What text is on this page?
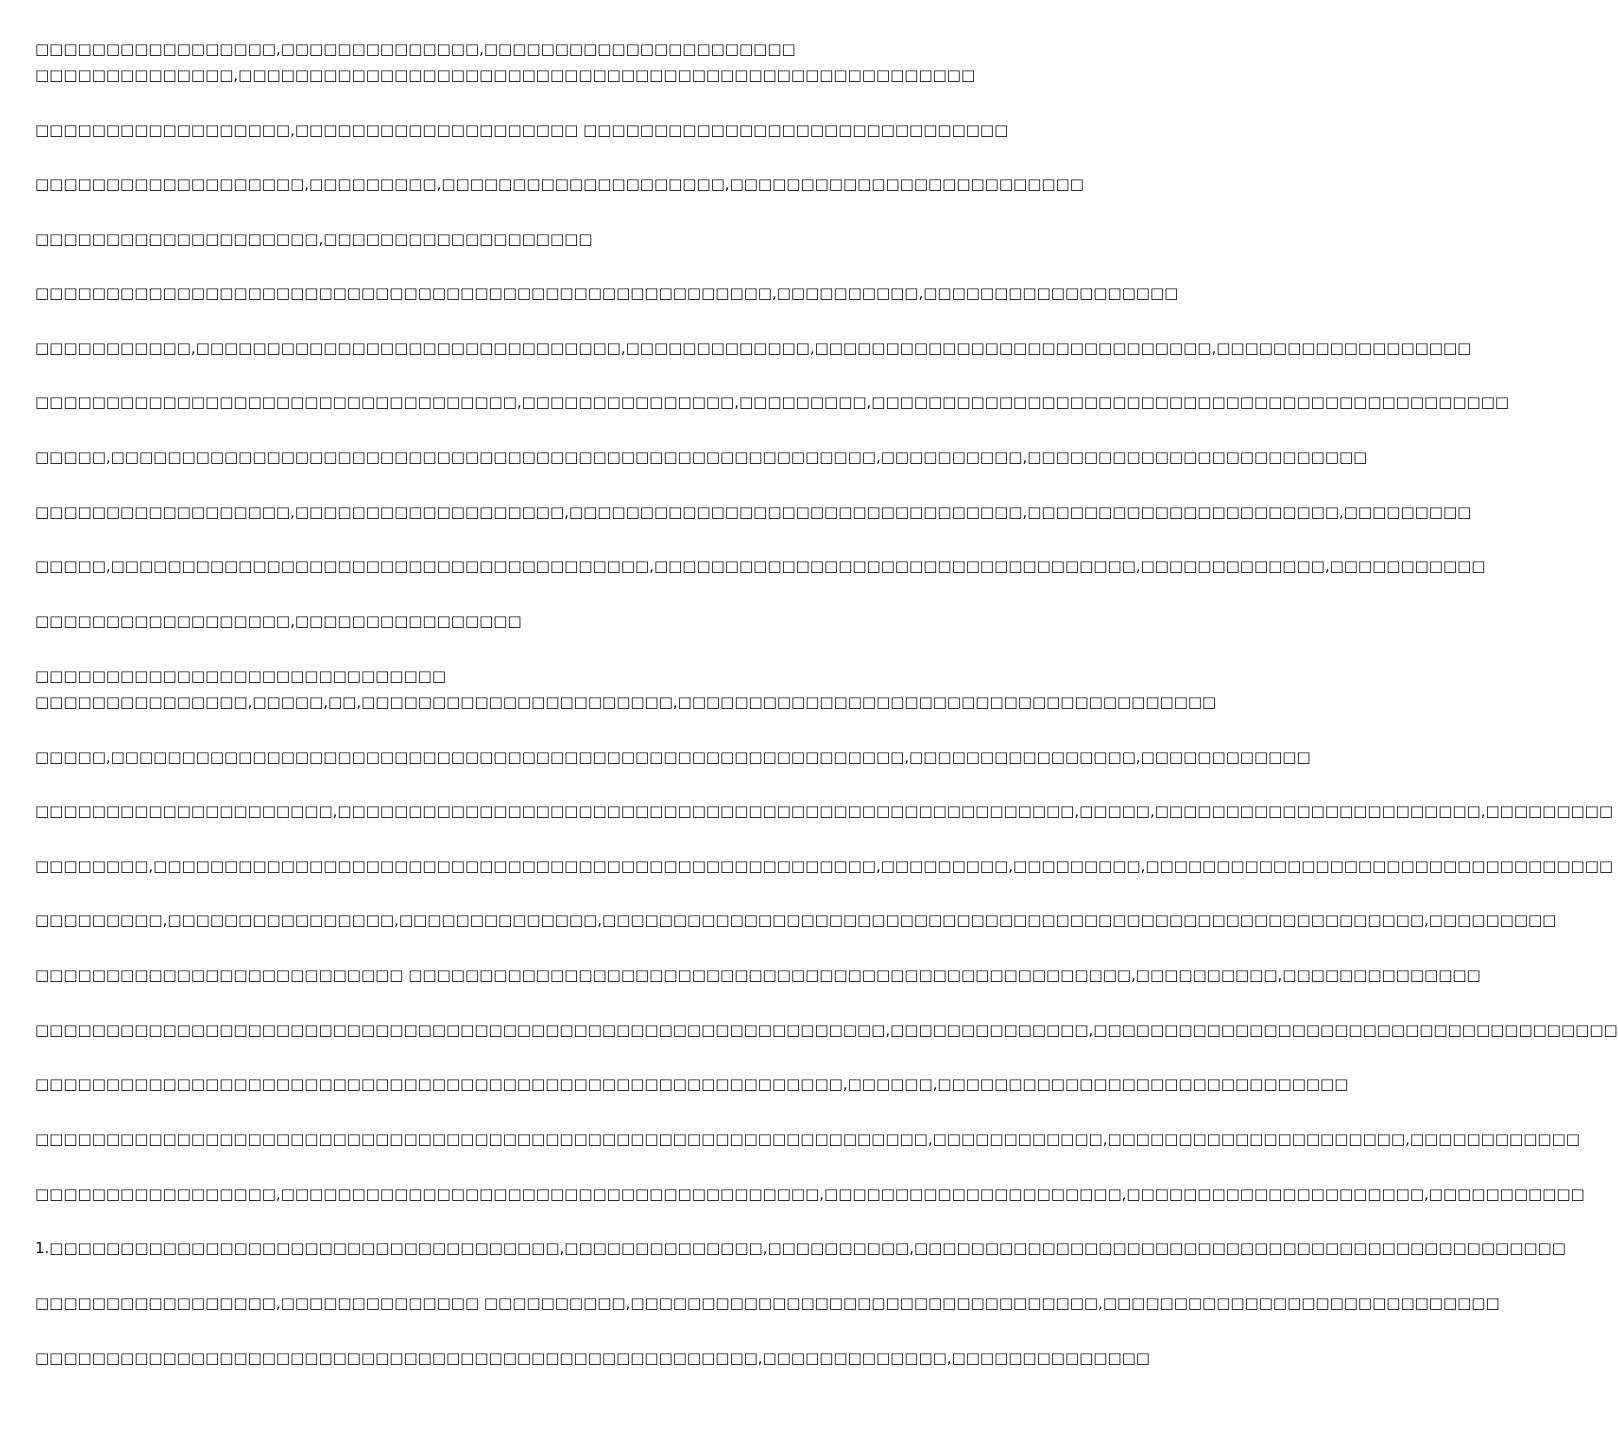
□□□□□□□□□□□□□□□□□,□□□□□□□□□□□□□□,□□□□□□□□□□□□□□□□□□□□□□
□□□□□□□□□□□□□□,□□□□□□□□□□□□□□□□□□□□□□□□□□□□□□□□□□□□□□□□□□□□□□□□□□□□
□□□□□□□□□□□□□□□□□□,□□□□□□□□□□□□□□□□□□□□ □□□□□□□□□□□□□□□□□□□□□□□□□□□□□□
□□□□□□□□□□□□□□□□□□□,□□□□□□□□□,□□□□□□□□□□□□□□□□□□□□,□□□□□□□□□□□□□□□□□□□□□□□□□
□□□□□□□□□□□□□□□□□□□□,□□□□□□□□□□□□□□□□□□□
□□□□□□□□□□□□□□□□□□□□□□□□□□□□□□□□□□□□□□□□□□□□□□□□□□□□,□□□□□□□□□□,□□□□□□□□□□□□□□□□□□
□□□□□□□□□□□,□□□□□□□□□□□□□□□□□□□□□□□□□□□□□□,□□□□□□□□□□□□□,□□□□□□□□□□□□□□□□□□□□□□□□□□□□,□□□□□□□□□□□□□□□□□□
□□□□□□□□□□□□□□□□□□□□□□□□□□□□□□□□□□,□□□□□□□□□□□□□□□,□□□□□□□□□,□□□□□□□□□□□□□□□□□□□□□□□□□□□□□□□□□□□□□□□□□□□□□
□□□□□,□□□□□□□□□□□□□□□□□□□□□□□□□□□□□□□□□□□□□□□□□□□□□□□□□□□□□□,□□□□□□□□□□,□□□□□□□□□□□□□□□□□□□□□□□□
□□□□□□□□□□□□□□□□□□,□□□□□□□□□□□□□□□□□□□,□□□□□□□□□□□□□□□□□□□□□□□□□□□□□□□□,□□□□□□□□□□□□□□□□□□□□□□,□□□□□□□□□
□□□□□,□□□□□□□□□□□□□□□□□□□□□□□□□□□□□□□□□□□□□□,□□□□□□□□□□□□□□□□□□□□□□□□□□□□□□□□□□,□□□□□□□□□□□□□,□□□□□□□□□□□
□□□□□□□□□□□□□□□□□□,□□□□□□□□□□□□□□□□
□□□□□□□□□□□□□□□□□□□□□□□□□□□□□
□□□□□□□□□□□□□□□,□□□□□,□□,□□□□□□□□□□□□□□□□□□□□□□,□□□□□□□□□□□□□□□□□□□□□□□□□□□□□□□□□□□□□□
□□□□□,□□□□□□□□□□□□□□□□□□□□□□□□□□□□□□□□□□□□□□□□□□□□□□□□□□□□□□□□,□□□□□□□□□□□□□□□□,□□□□□□□□□□□□
□□□□□□□□□□□□□□□□□□□□□,□□□□□□□□□□□□□□□□□□□□□□□□□□□□□□□□□□□□□□□□□□□□□□□□□□□□,□□□□□,□□□□□□□□□□□□□□□□□□□□□□□,□□□□□□□□□
□□□□□□□□,□□□□□□□□□□□□□□□□□□□□□□□□□□□□□□□□□□□□□□□□□□□□□□□□□□□,□□□□□□□□□,□□□□□□□□□,□□□□□□□□□□□□□□□□□□□□□□□□□□□□□□□□□
□□□□□□□□□,□□□□□□□□□□□□□□□□,□□□□□□□□□□□□□□,□□□□□□□□□□□□□□□□□□□□□□□□□□□□□□□□□□□□□□□□□□□□□□□□□□□□□□□□□□,□□□□□□□□□
□□□□□□□□□□□□□□□□□□□□□□□□□□ □□□□□□□□□□□□□□□□□□□□□□□□□□□□□□□□□□□□□□□□□□□□□□□□□□□,□□□□□□□□□□,□□□□□□□□□□□□□□
□□□□□□□□□□□□□□□□□□□□□□□□□□□□□□□□□□□□□□□□□□□□□□□□□□□□□□□□□□□□,□□□□□□□□□□□□□□,□□□□□□□□□□□□□□□□□□□□□□□□□□□□□□□□□□□□□
□□□□□□□□□□□□□□□□□□□□□□□□□□□□□□□□□□□□□□□□□□□□□□□□□□□□□□□□□,□□□□□□,□□□□□□□□□□□□□□□□□□□□□□□□□□□□□
□□□□□□□□□□□□□□□□□□□□□□□□□□□□□□□□□□□□□□□□□□□□□□□□□□□□□□□□□□□□□□□,□□□□□□□□□□□□,□□□□□□□□□□□□□□□□□□□□□,□□□□□□□□□□□□
□□□□□□□□□□□□□□□□□,□□□□□□□□□□□□□□□□□□□□□□□□□□□□□□□□□□□□□□,□□□□□□□□□□□□□□□□□□□□□,□□□□□□□□□□□□□□□□□□□□□,□□□□□□□□□□□
1.□□□□□□□□□□□□□□□□□□□□□□□□□□□□□□□□□□□□,□□□□□□□□□□□□□□,□□□□□□□□□□,□□□□□□□□□□□□□□□□□□□□□□□□□□□□□□□□□□□□□□□□□□□□□□
□□□□□□□□□□□□□□□□□,□□□□□□□□□□□□□□ □□□□□□□□□□,□□□□□□□□□□□□□□□□□□□□□□□□□□□□□□□□□,□□□□□□□□□□□□□□□□□□□□□□□□□□□□
□□□□□□□□□□□□□□□□□□□□□□□□□□□□□□□□□□□□□□□□□□□□□□□□□□□,□□□□□□□□□□□□□,□□□□□□□□□□□□□□
